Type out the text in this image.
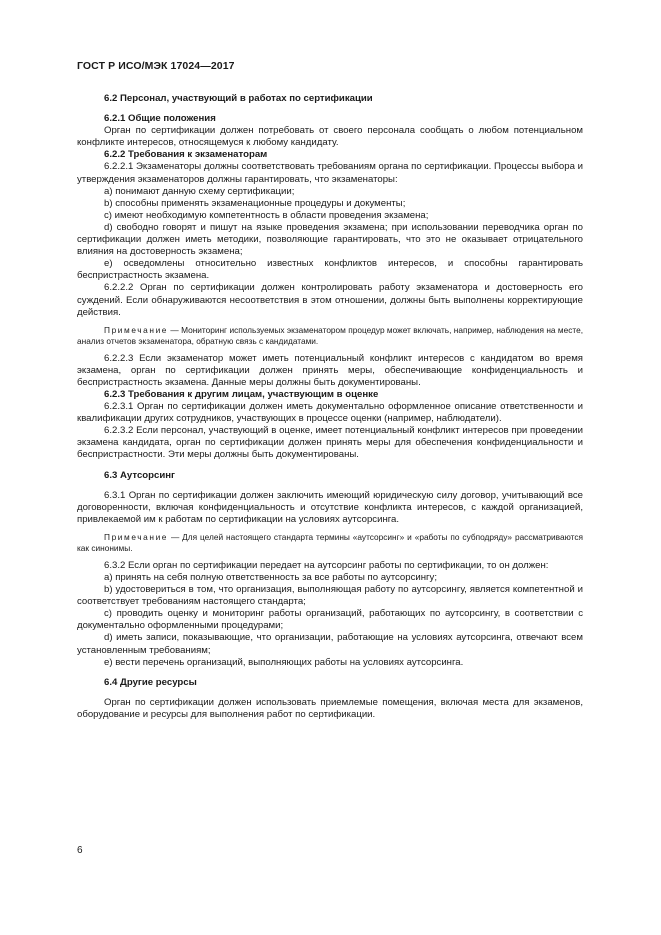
ГОСТ Р ИСО/МЭК 17024—2017

6.2 Персонал, участвующий в работах по сертификации

6.2.1 Общие положения

Орган по сертификации должен потребовать от своего персонала сообщать о любом потенциальном конфликте интересов, относящемуся к любому кандидату.

6.2.2 Требования к экзаменаторам

6.2.2.1 Экзаменаторы должны соответствовать требованиям органа по сертификации. Процессы выбора и утверждения экзаменаторов должны гарантировать, что экзаменаторы:

a) понимают данную схему сертификации;

b) способны применять экзаменационные процедуры и документы;

c) имеют необходимую компетентность в области проведения экзамена;

d) свободно говорят и пишут на языке проведения экзамена; при использовании переводчика орган по сертификации должен иметь методики, позволяющие гарантировать, что это не оказывает отрицательного влияния на достоверность экзамена;

e) осведомлены относительно известных конфликтов интересов, и способны гарантировать беспристрастность экзамена.

6.2.2.2 Орган по сертификации должен контролировать работу экзаменатора и достоверность его суждений. Если обнаруживаются несоответствия в этом отношении, должны быть выполнены корректирующие действия.

Примечание — Мониторинг используемых экзаменатором процедур может включать, например, наблюдения на месте, анализ отчетов экзаменатора, обратную связь с кандидатами.

6.2.2.3 Если экзаменатор может иметь потенциальный конфликт интересов с кандидатом во время экзамена, орган по сертификации должен принять меры, обеспечивающие конфиденциальность и беспристрастность экзамена. Данные меры должны быть документированы.

6.2.3 Требования к другим лицам, участвующим в оценке

6.2.3.1 Орган по сертификации должен иметь документально оформленное описание ответственности и квалификации других сотрудников, участвующих в процессе оценки (например, наблюдатели).

6.2.3.2 Если персонал, участвующий в оценке, имеет потенциальный конфликт интересов при проведении экзамена кандидата, орган по сертификации должен принять меры для обеспечения конфиденциальности и беспристрастности. Эти меры должны быть документированы.

6.3 Аутсорсинг

6.3.1 Орган по сертификации должен заключить имеющий юридическую силу договор, учитывающий все договоренности, включая конфиденциальность и отсутствие конфликта интересов, с каждой организацией, привлекаемой им к работам по сертификации на условиях аутсорсинга.

Примечание — Для целей настоящего стандарта термины «аутсорсинг» и «работы по субподряду» рассматриваются как синонимы.

6.3.2 Если орган по сертификации передает на аутсорсинг работы по сертификации, то он должен:

a) принять на себя полную ответственность за все работы по аутсорсингу;

b) удостовериться в том, что организация, выполняющая работу по аутсорсингу, является компетентной и соответствует требованиям настоящего стандарта;

c) проводить оценку и мониторинг работы организаций, работающих по аутсорсингу, в соответствии с документально оформленными процедурами;

d) иметь записи, показывающие, что организации, работающие на условиях аутсорсинга, отвечают всем установленным требованиям;

e) вести перечень организаций, выполняющих работы на условиях аутсорсинга.

6.4 Другие ресурсы

Орган по сертификации должен использовать приемлемые помещения, включая места для экзаменов, оборудование и ресурсы для выполнения работ по сертификации.

6
